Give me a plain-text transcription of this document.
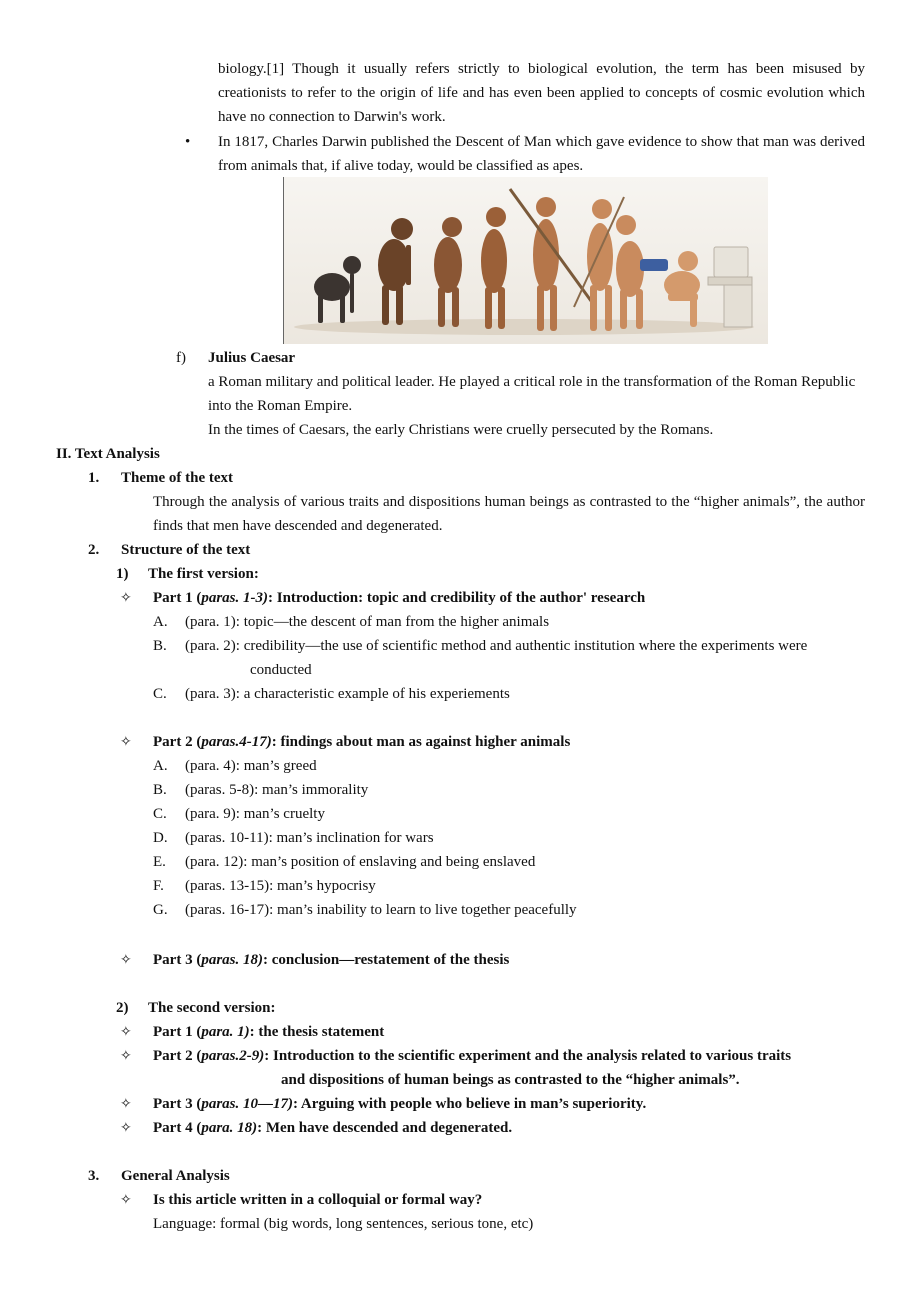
biology.[1] Though it usually refers strictly to biological evolution, the term has been misused by creationists to refer to the origin of life and has even been applied to concepts of cosmic evolution which have no connection to Darwin's work.
• In 1817, Charles Darwin published the Descent of Man which gave evidence to show that man was derived from animals that, if alive today, would be classified as apes.
f) Julius Caesar
a Roman military and political leader. He played a critical role in the transformation of the Roman Republic into the Roman Empire.
In the times of Caesars, the early Christians were cruelly persecuted by the Romans.
II. Text Analysis
1. Theme of the text
Through the analysis of various traits and dispositions human beings as contrasted to the “higher animals”, the author finds that men have descended and degenerated.
2. Structure of the text
1) The first version:
✧ Part 1 (paras. 1-3): Introduction: topic and credibility of the author' research
A. (para. 1): topic—the descent of man from the higher animals
B. (para. 2): credibility—the use of scientific method and authentic institution where the experiments were
conducted
C. (para. 3): a characteristic example of his experiements
✧ Part 2 (paras.4-17): findings about man as against higher animals
A. (para. 4): man’s greed
B. (paras. 5-8): man’s immorality
C. (para. 9): man’s cruelty
D. (paras. 10-11): man’s inclination for wars
E. (para. 12): man’s position of enslaving and being enslaved
F. (paras. 13-15): man’s hypocrisy
G. (paras. 16-17): man’s inability to learn to live together peacefully
✧ Part 3 (paras. 18): conclusion—restatement of the thesis
2) The second version:
✧ Part 1 (para. 1): the thesis statement
✧ Part 2 (paras.2-9): Introduction to the scientific experiment and the analysis related to various traits
and dispositions of human beings as contrasted to the “higher animals”.
✧ Part 3 (paras. 10—17): Arguing with people who believe in man’s superiority.
✧ Part 4 (para. 18): Men have descended and degenerated.
3. General Analysis
✧ Is this article written in a colloquial or formal way?
Language: formal (big words, long sentences, serious tone, etc)
